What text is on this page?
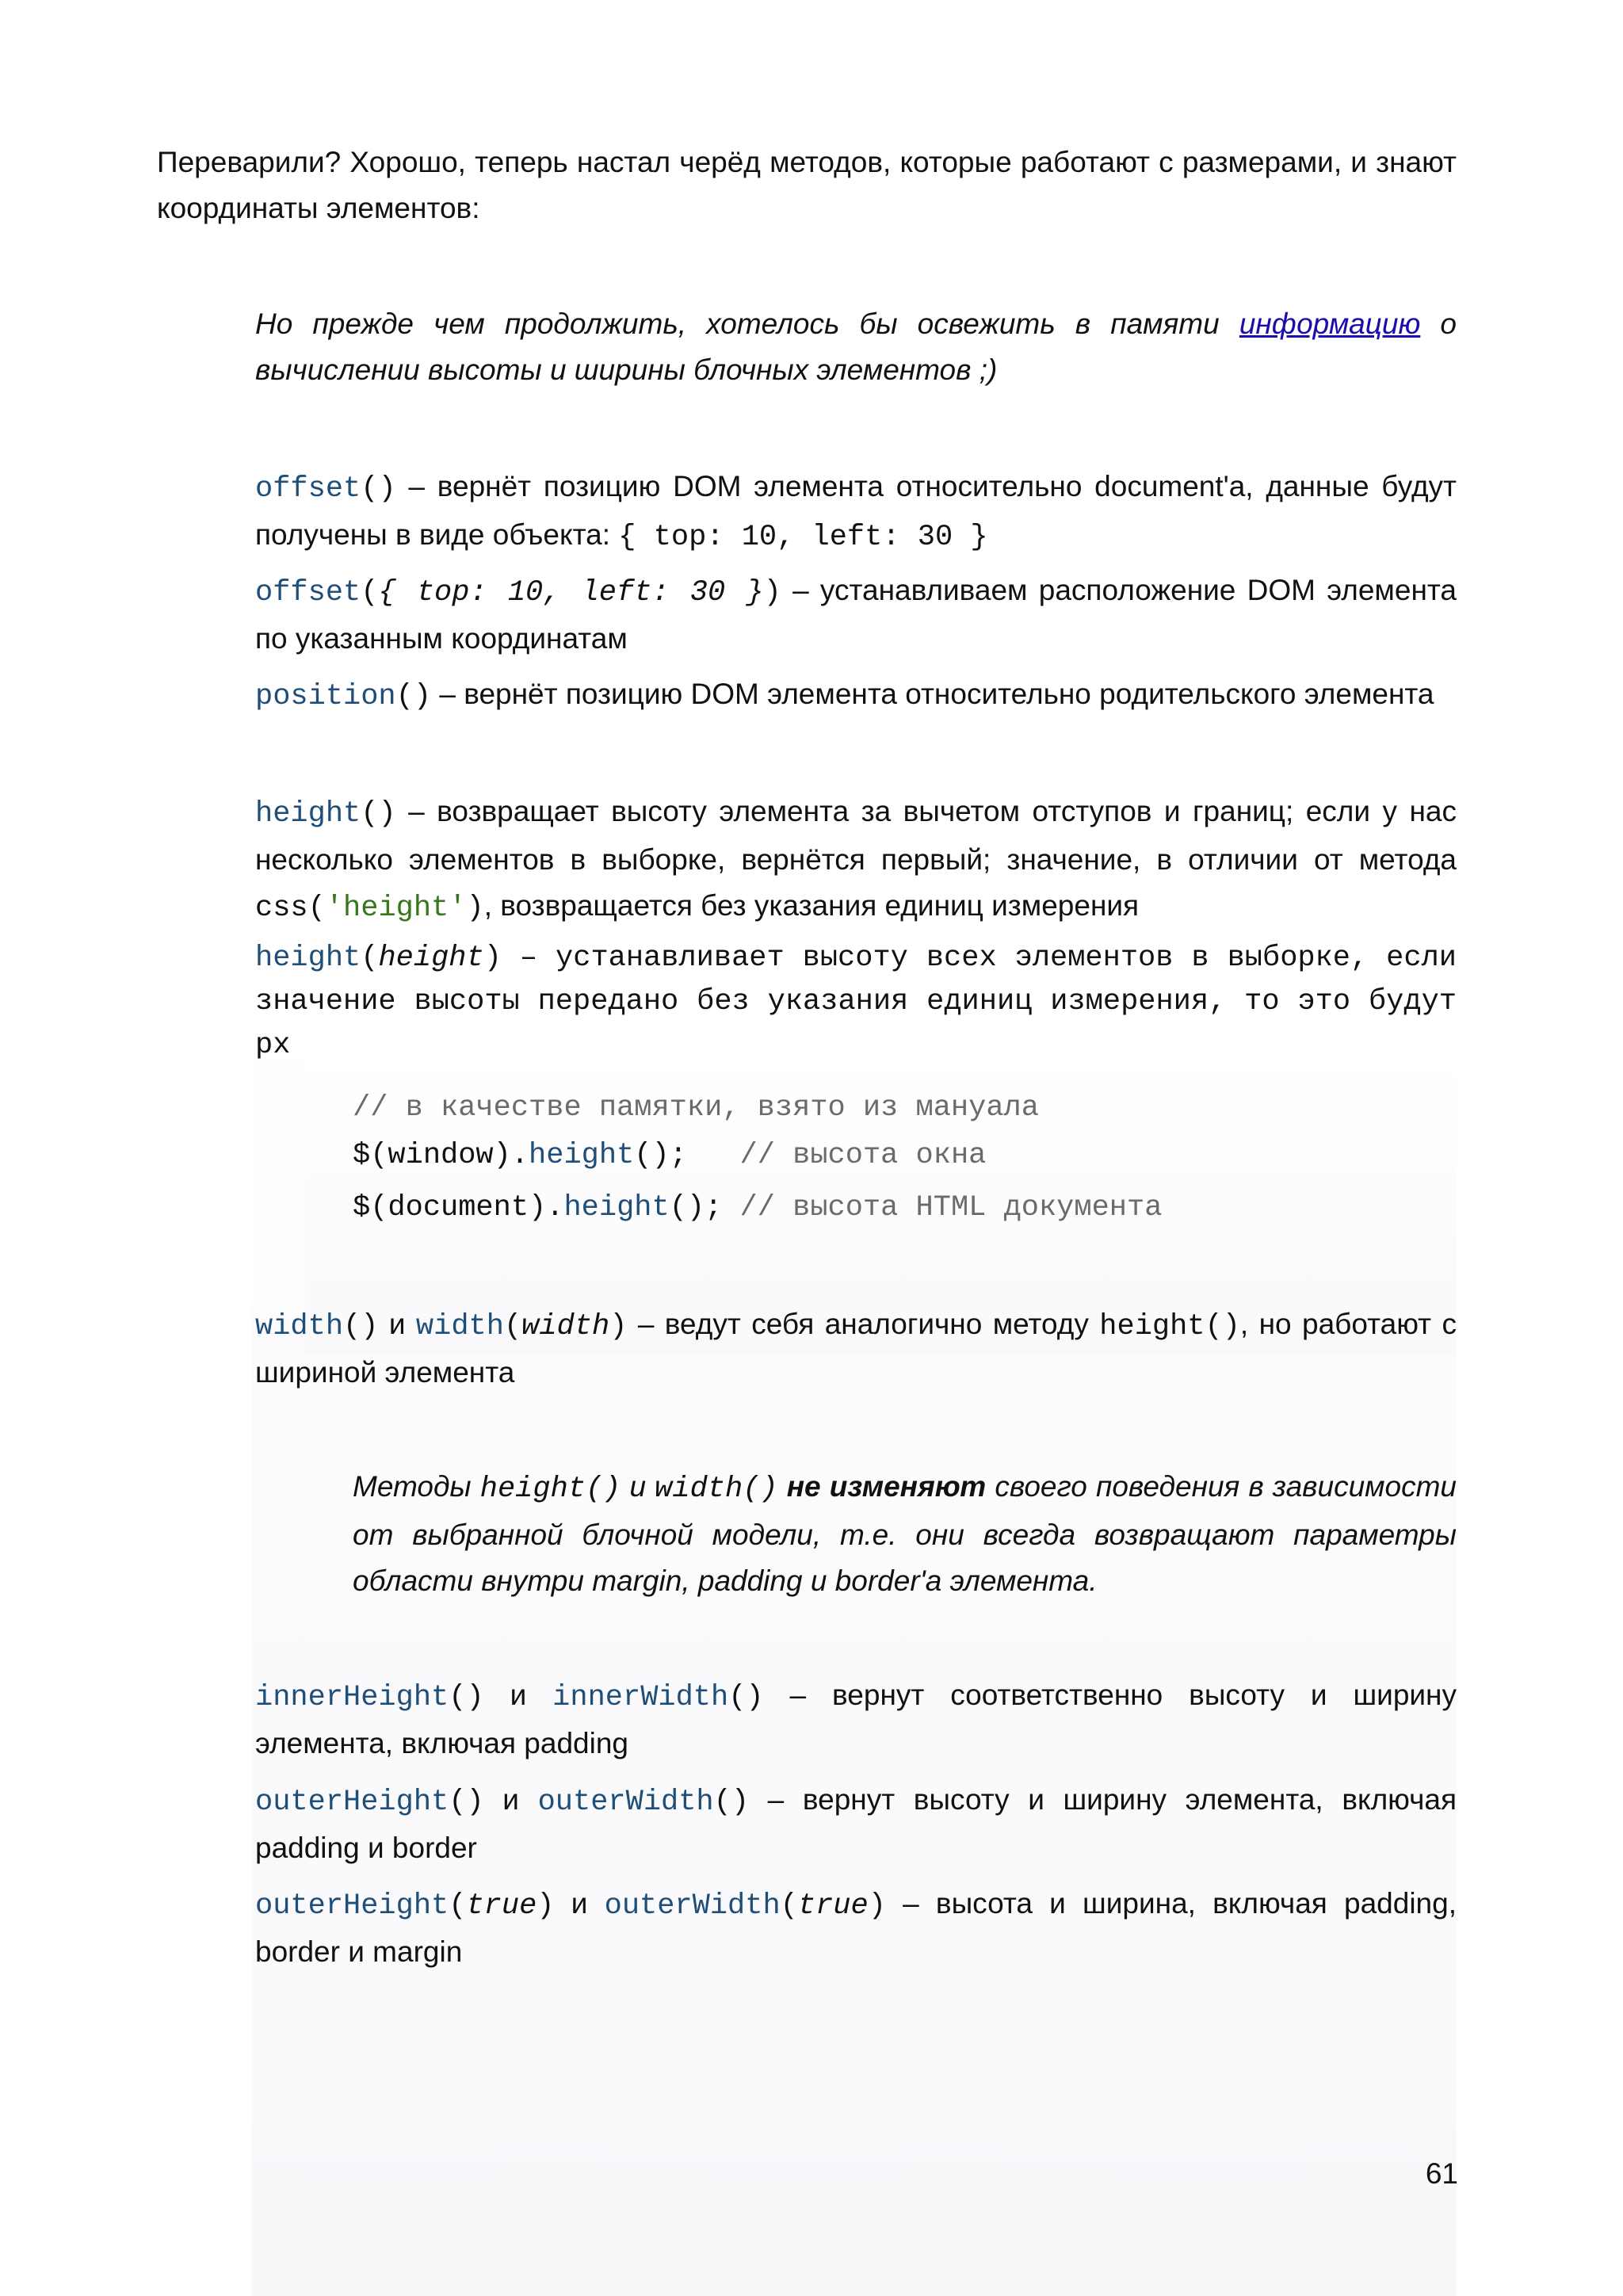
Переварили? Хорошо, теперь настал черёд методов, которые работают с размерами, и знают координаты элементов:

Но прежде чем продолжить, хотелось бы освежить в памяти информацию о вычислении высоты и ширины блочных элементов ;)

offset() – вернёт позицию DOM элемента относительно document'а, данные будут получены в виде объекта: { top: 10, left: 30 }

offset({ top: 10, left: 30 }) – устанавливаем расположение DOM элемента по указанным координатам

position() – вернёт позицию DOM элемента относительно родительского элемента

height() – возвращает высоту элемента за вычетом отступов и границ; если у нас несколько элементов в выборке, вернётся первый; значение, в отличии от метода css('height'), возвращается без указания единиц измерения

height(height) – устанавливает высоту всех элементов в выборке, если значение высоты передано без указания единиц измерения, то это будут px

// в качестве памятки, взято из мануала

$(window).height();   // высота окна

$(document).height(); // высота HTML документа

width() и width(width) – ведут себя аналогично методу height(), но работают с шириной элемента

Методы height() и width() не изменяют своего поведения в зависимости от выбранной блочной модели, т.е. они всегда возвращают параметры области внутри margin, padding и border'а элемента.

innerHeight() и innerWidth() – вернут соответственно высоту и ширину элемента, включая padding

outerHeight() и outerWidth() – вернут высоту и ширину элемента, включая padding и border

outerHeight(true) и outerWidth(true) – высота и ширина, включая padding, border и margin

61
